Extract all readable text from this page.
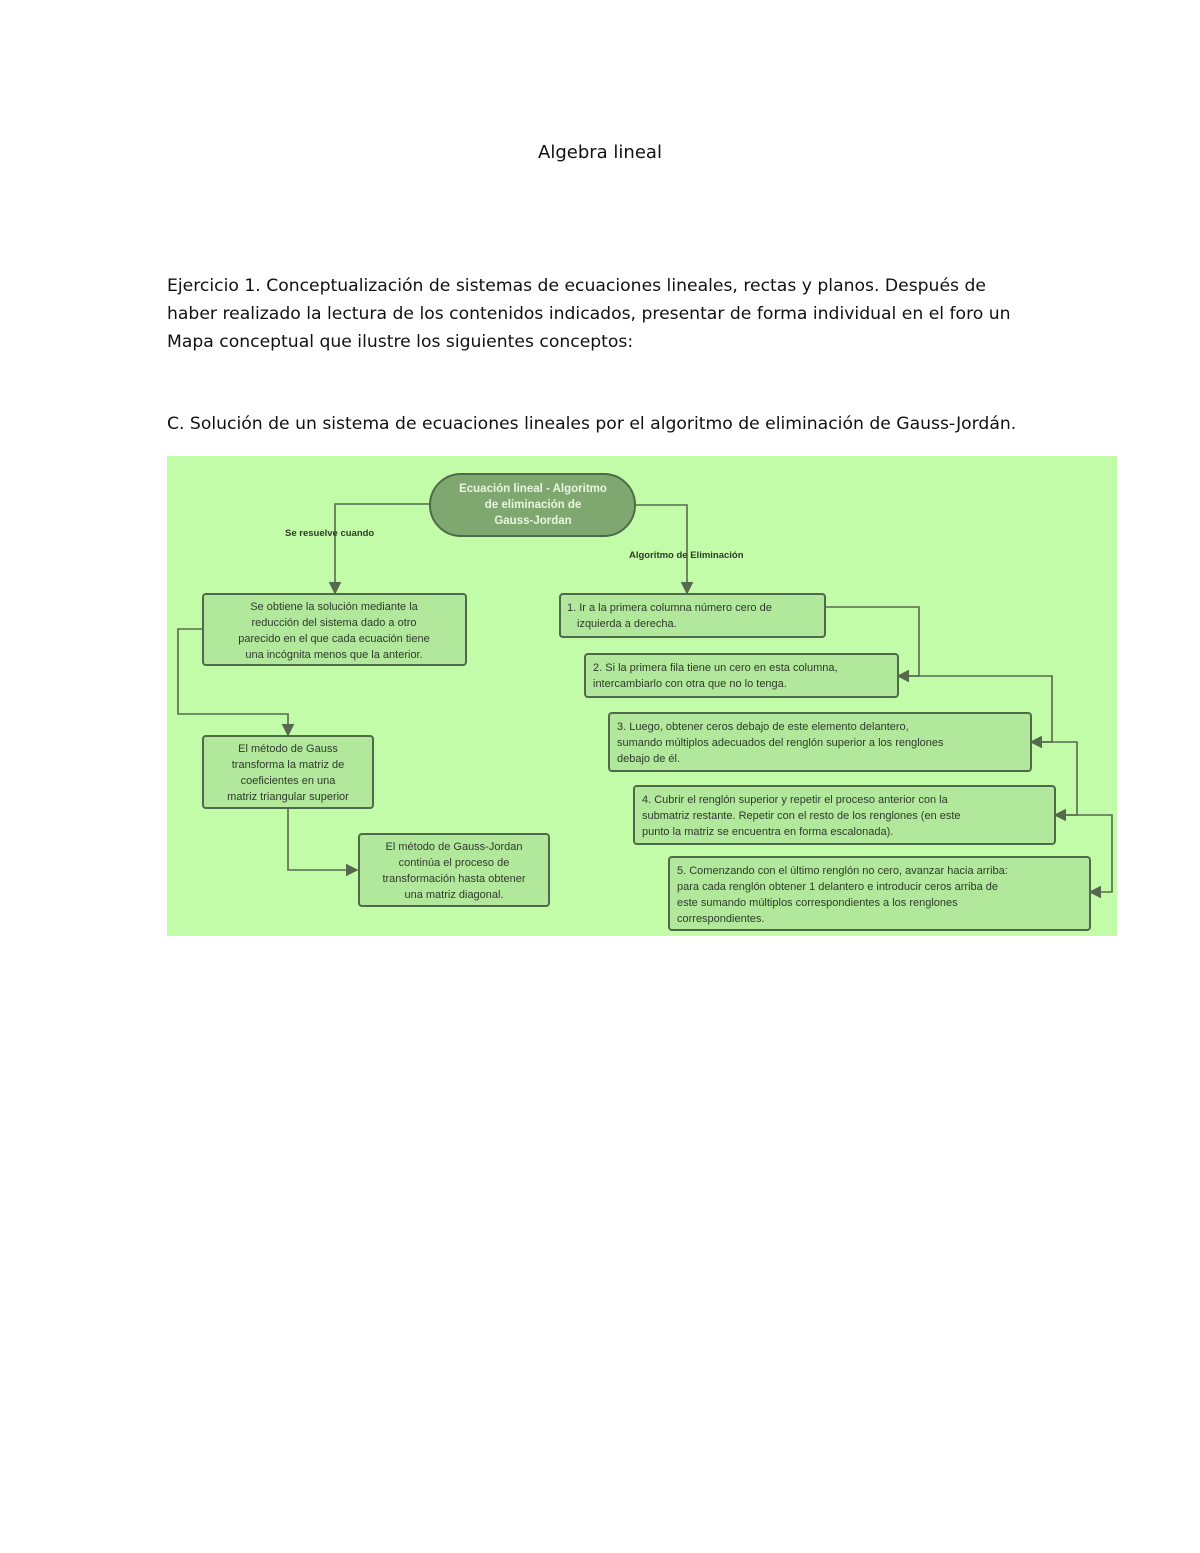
Algebra lineal

Ejercicio 1. Conceptualización de sistemas de ecuaciones lineales, rectas y planos. Después de
haber realizado la lectura de los contenidos indicados, presentar de forma individual en el foro un
Mapa conceptual que ilustre los siguientes conceptos:

C. Solución de un sistema de ecuaciones lineales por el algoritmo de eliminación de Gauss-Jordán.

Ecuación lineal - Algoritmo
de eliminación de
Gauss-Jordan
Se resuelve cuando
Algoritmo de Eliminación
Se obtiene la solución mediante la
reducción del sistema dado a otro
parecido en el que cada ecuación tiene
una incógnita menos que la anterior.
El método de Gauss
transforma la matriz de
coeficientes en una
matriz triangular superior
El método de Gauss-Jordan
continúa el proceso de
transformación hasta obtener
una matriz diagonal.
1. Ir a la primera columna número cero de
izquierda a derecha.
2. Si la primera fila tiene un cero en esta columna,
intercambiarlo con otra que no lo tenga.
3. Luego, obtener ceros debajo de este elemento delantero,
sumando múltiplos adecuados del renglón superior a los renglones
debajo de él.
4. Cubrir el renglón superior y repetir el proceso anterior con la
submatriz restante. Repetir con el resto de los renglones (en este
punto la matriz se encuentra en forma escalonada).
5. Comenzando con el último renglón no cero, avanzar hacia arriba:
para cada renglón obtener 1 delantero e introducir ceros arriba de
este sumando múltiplos correspondientes a los renglones
correspondientes.
